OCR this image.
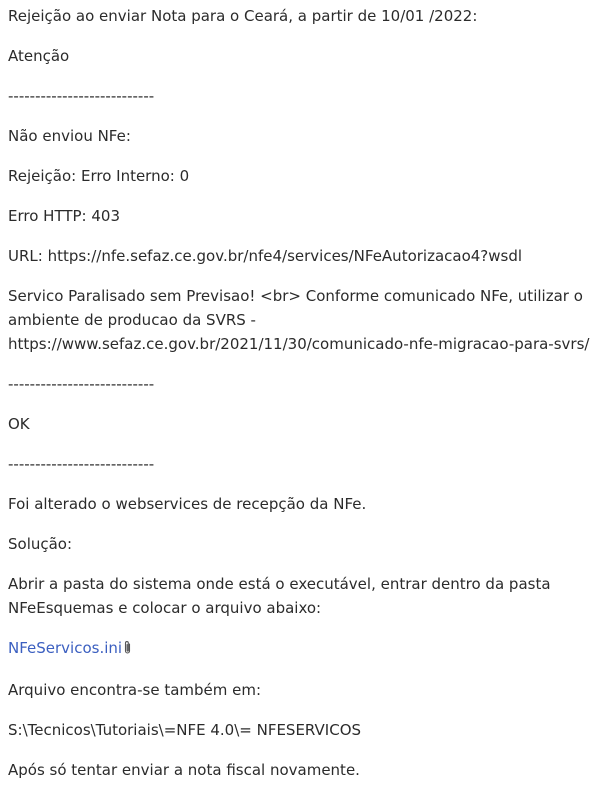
Rejeição ao enviar Nota para o Ceará, a partir de 10/01 /2022:

Atenção

---------------------------

Não enviou NFe:

Rejeição: Erro Interno: 0

Erro HTTP: 403

URL: https://nfe.sefaz.ce.gov.br/nfe4/services/NFeAutorizacao4?wsdl

Servico Paralisado sem Previsao! <br> Conforme comunicado NFe, utilizar o ambiente de producao da SVRS - https://www.sefaz.ce.gov.br/2021/11/30/comunicado-nfe-migracao-para-svrs/

---------------------------

OK

---------------------------

Foi alterado o webservices de recepção da NFe.

Solução:

Abrir a pasta do sistema onde está o executável, entrar dentro da pasta NFeEsquemas e colocar o arquivo abaixo:

NFeServicos.ini

Arquivo encontra-se também em:

S:\Tecnicos\Tutoriais\=NFE 4.0\= NFESERVICOS

Após só tentar enviar a nota fiscal novamente.
